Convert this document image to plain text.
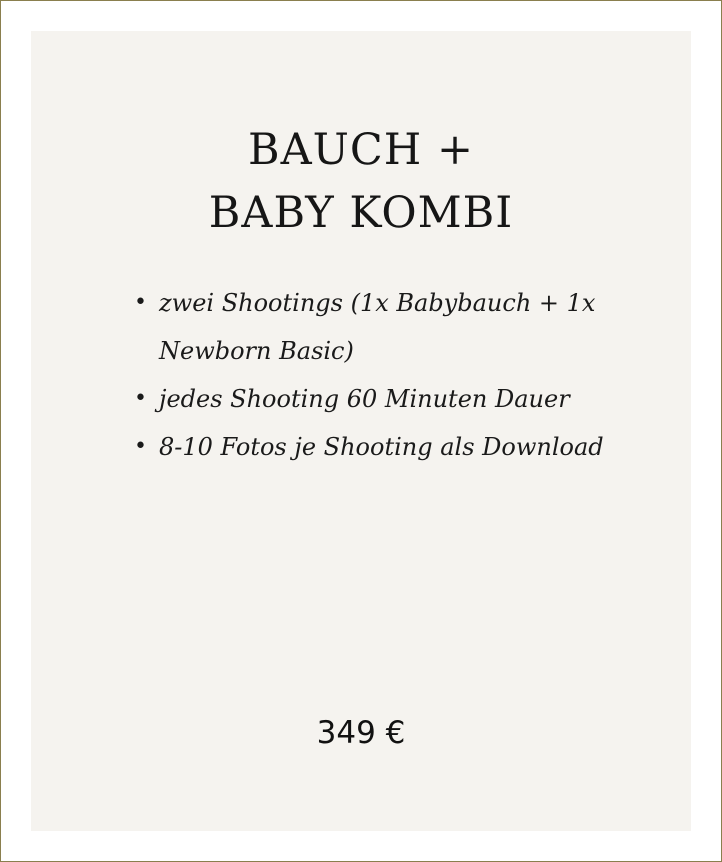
BAUCH +
BABY KOMBI
• zwei Shootings (1x Babybauch + 1x Newborn Basic)
• jedes Shooting 60 Minuten Dauer
• 8-10 Fotos je Shooting als Download
349 €
